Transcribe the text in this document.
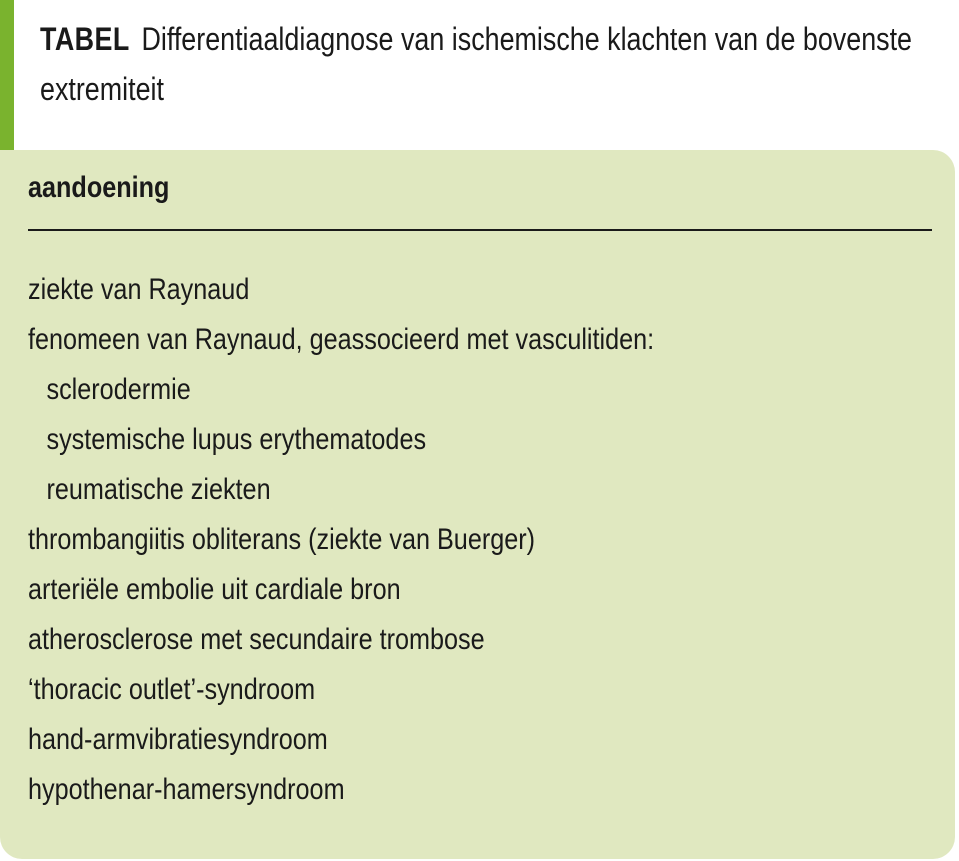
TABEL Differentiaaldiagnose van ischemische klachten van de bovenste extremiteit
aandoening
ziekte van Raynaud
fenomeen van Raynaud, geassocieerd met vasculitiden:
sclerodermie
systemische lupus erythematodes
reumatische ziekten
thrombangiitis obliterans (ziekte van Buerger)
arteriële embolie uit cardiale bron
atherosclerose met secundaire trombose
‘thoracic outlet’-syndroom
hand-armvibratiesyndroom
hypothenar-hamersyndroom
